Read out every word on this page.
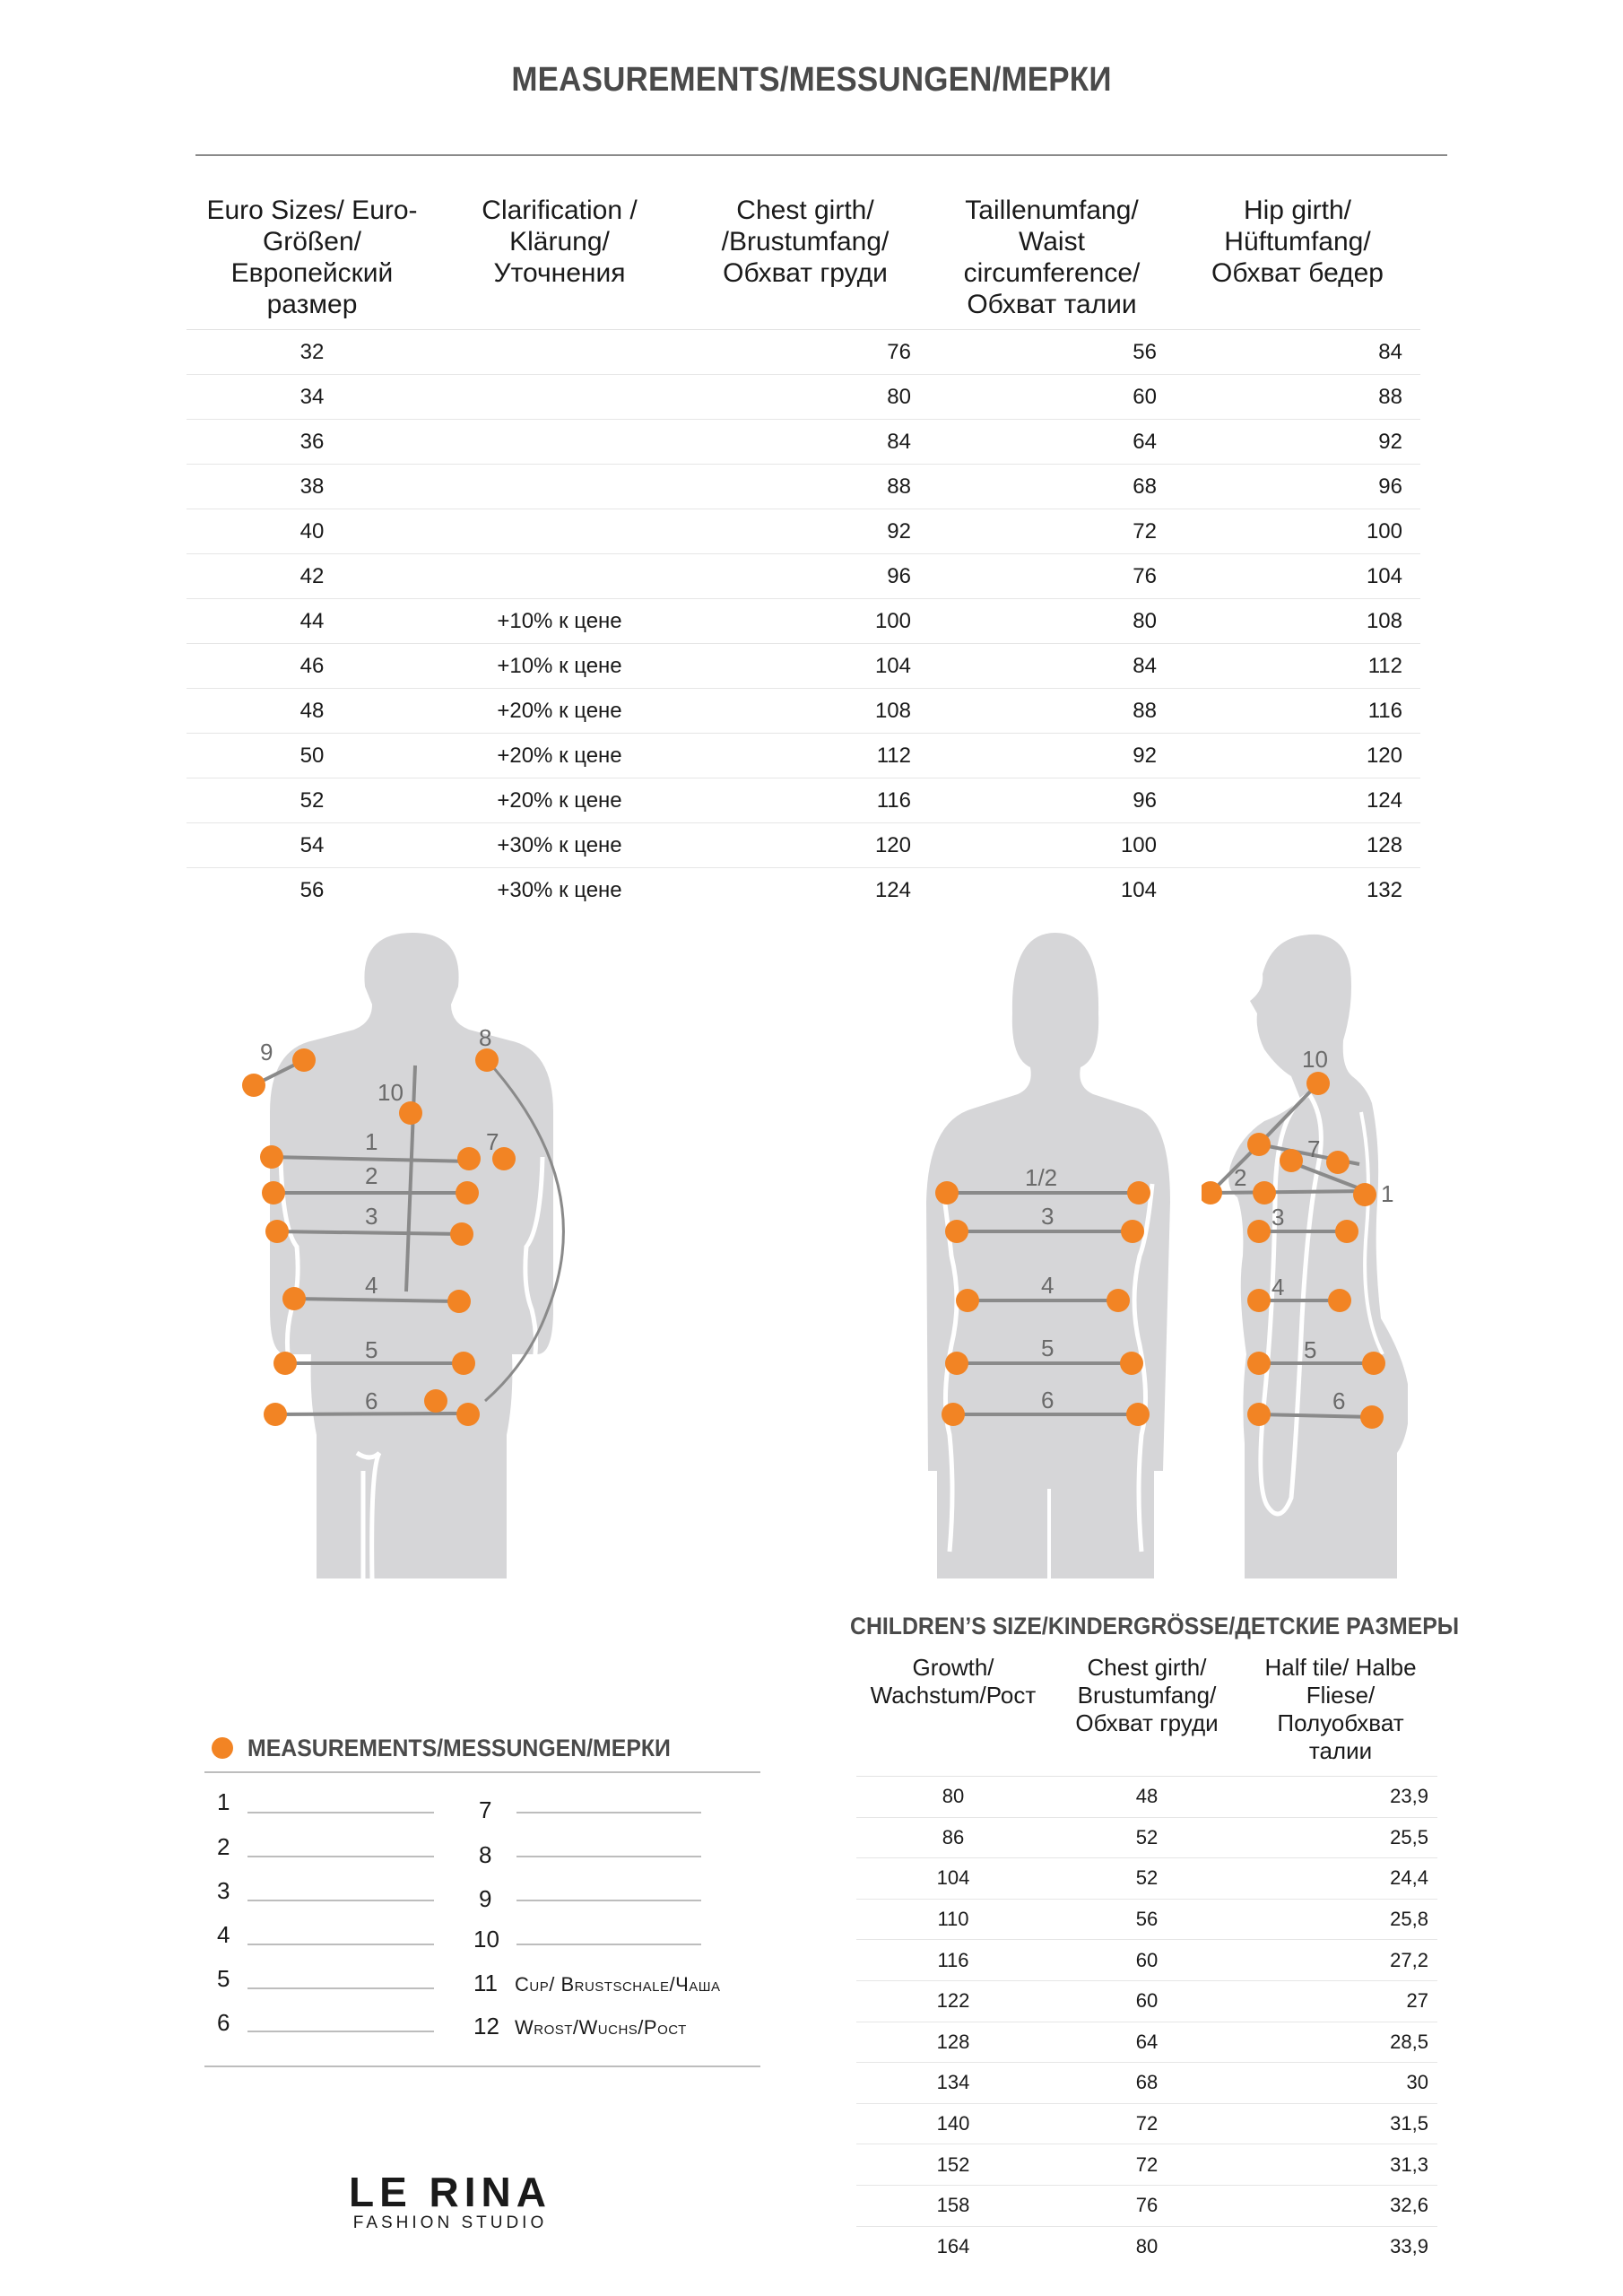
MEASUREMENTS/MESSUNGEN/МЕРКИ
Euro Sizes/ Euro-Größen/ Европейский размер	Clarification / Klärung/ Уточнения	Chest girth/ /Brustumfang/ Обхват груди	Taillenumfang/ Waist circumference/ Обхват талии	Hip girth/ Hüftumfang/ Обхват бедер
32		76	56	84
34		80	60	88
36		84	64	92
38		88	68	96
40		92	72	100
42		96	76	104
44	+10% к цене	100	80	108
46	+10% к цене	104	84	112
48	+20% к цене	108	88	116
50	+20% к цене	112	92	120
52	+20% к цене	116	96	124
54	+30% к цене	120	100	128
56	+30% к цене	124	104	132
9
8
10
1	7
2
3
4
5
6
1/2
3
4
5
6
10
7
2
1
3
4
5
6
CHILDREN’S SIZE/KINDERGRÖSSE/ДЕТСКИЕ РАЗМЕРЫ
Growth/ Wachstum/Рост	Chest girth/ Brustumfang/ Обхват груди	Half tile/ Halbe Fliese/ Полуобхват талии
80	48	23,9
86	52	25,5
104	52	24,4
110	56	25,8
116	60	27,2
122	60	27
128	64	28,5
134	68	30
140	72	31,5
152	72	31,3
158	76	32,6
164	80	33,9
MEASUREMENTS/MESSUNGEN/МЕРКИ
1
2
3
4
5
6
7
8
9
10
11 Cup/ Brustschale/Чаша
12 Wrost/Wuchs/Рост
LE RINA
FASHION STUDIO
